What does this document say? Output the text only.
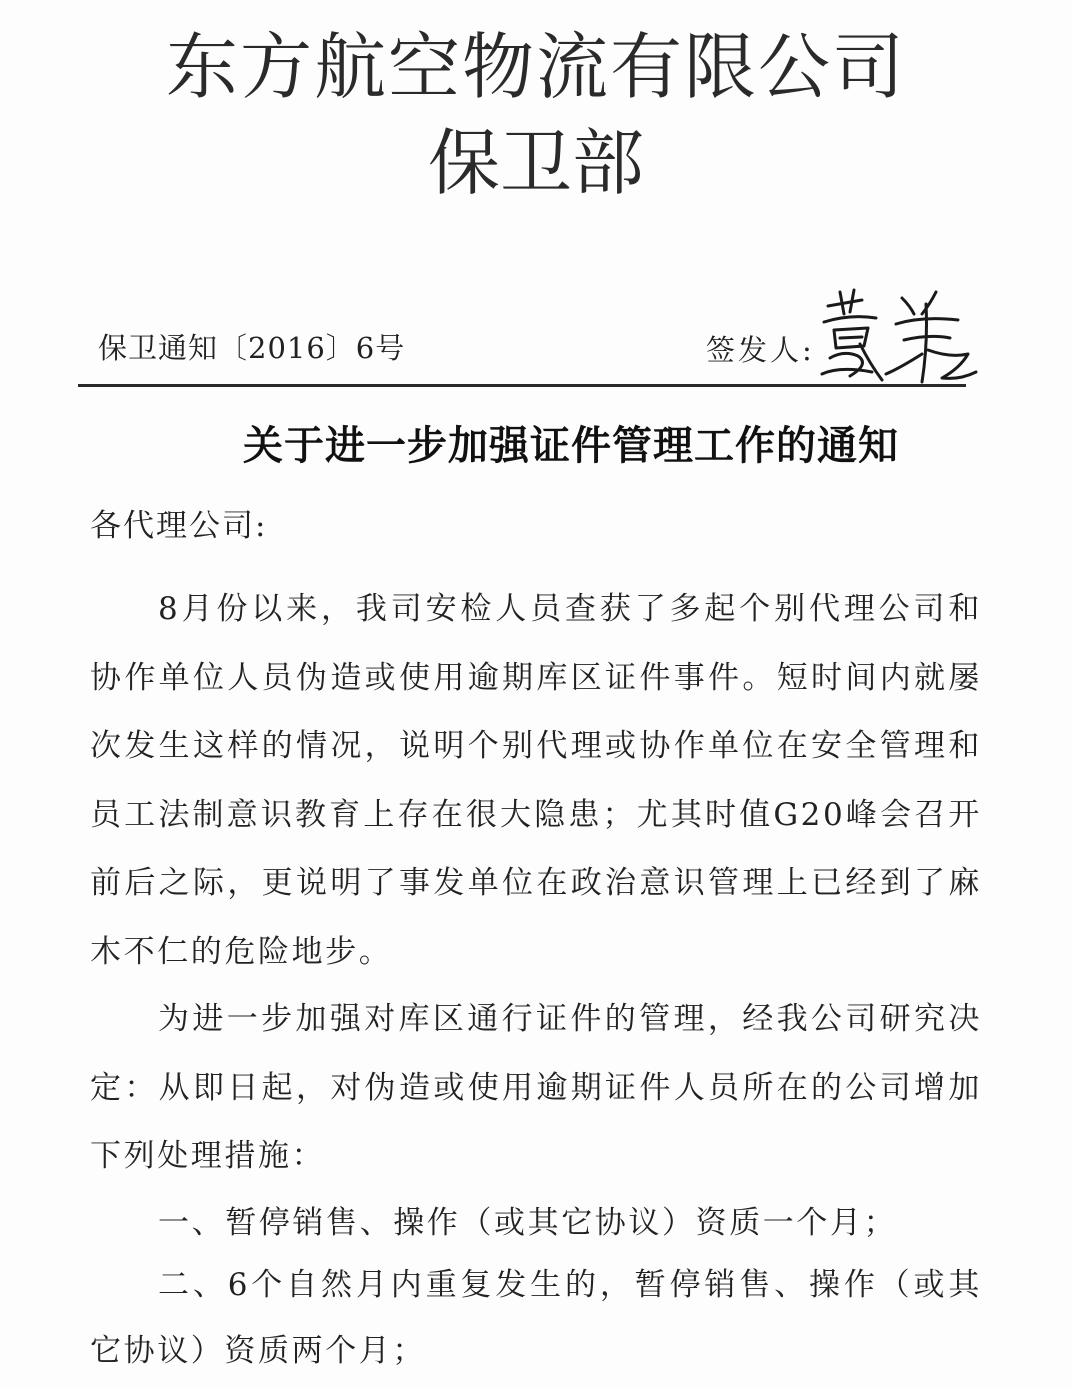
东方航空物流有限公司
保卫部
保卫通知〔2016〕6号	签发人:
关于进一步加强证件管理工作的通知
各代理公司:
8月份以来，我司安检人员查获了多起个别代理公司和协作单位人员伪造或使用逾期库区证件事件。短时间内就屡次发生这样的情况，说明个别代理或协作单位在安全管理和员工法制意识教育上存在很大隐患；尤其时值G20峰会召开前后之际，更说明了事发单位在政治意识管理上已经到了麻木不仁的危险地步。
为进一步加强对库区通行证件的管理，经我公司研究决定：从即日起，对伪造或使用逾期证件人员所在的公司增加下列处理措施：
一、暂停销售、操作（或其它协议）资质一个月；
二、6个自然月内重复发生的，暂停销售、操作（或其它协议）资质两个月；
